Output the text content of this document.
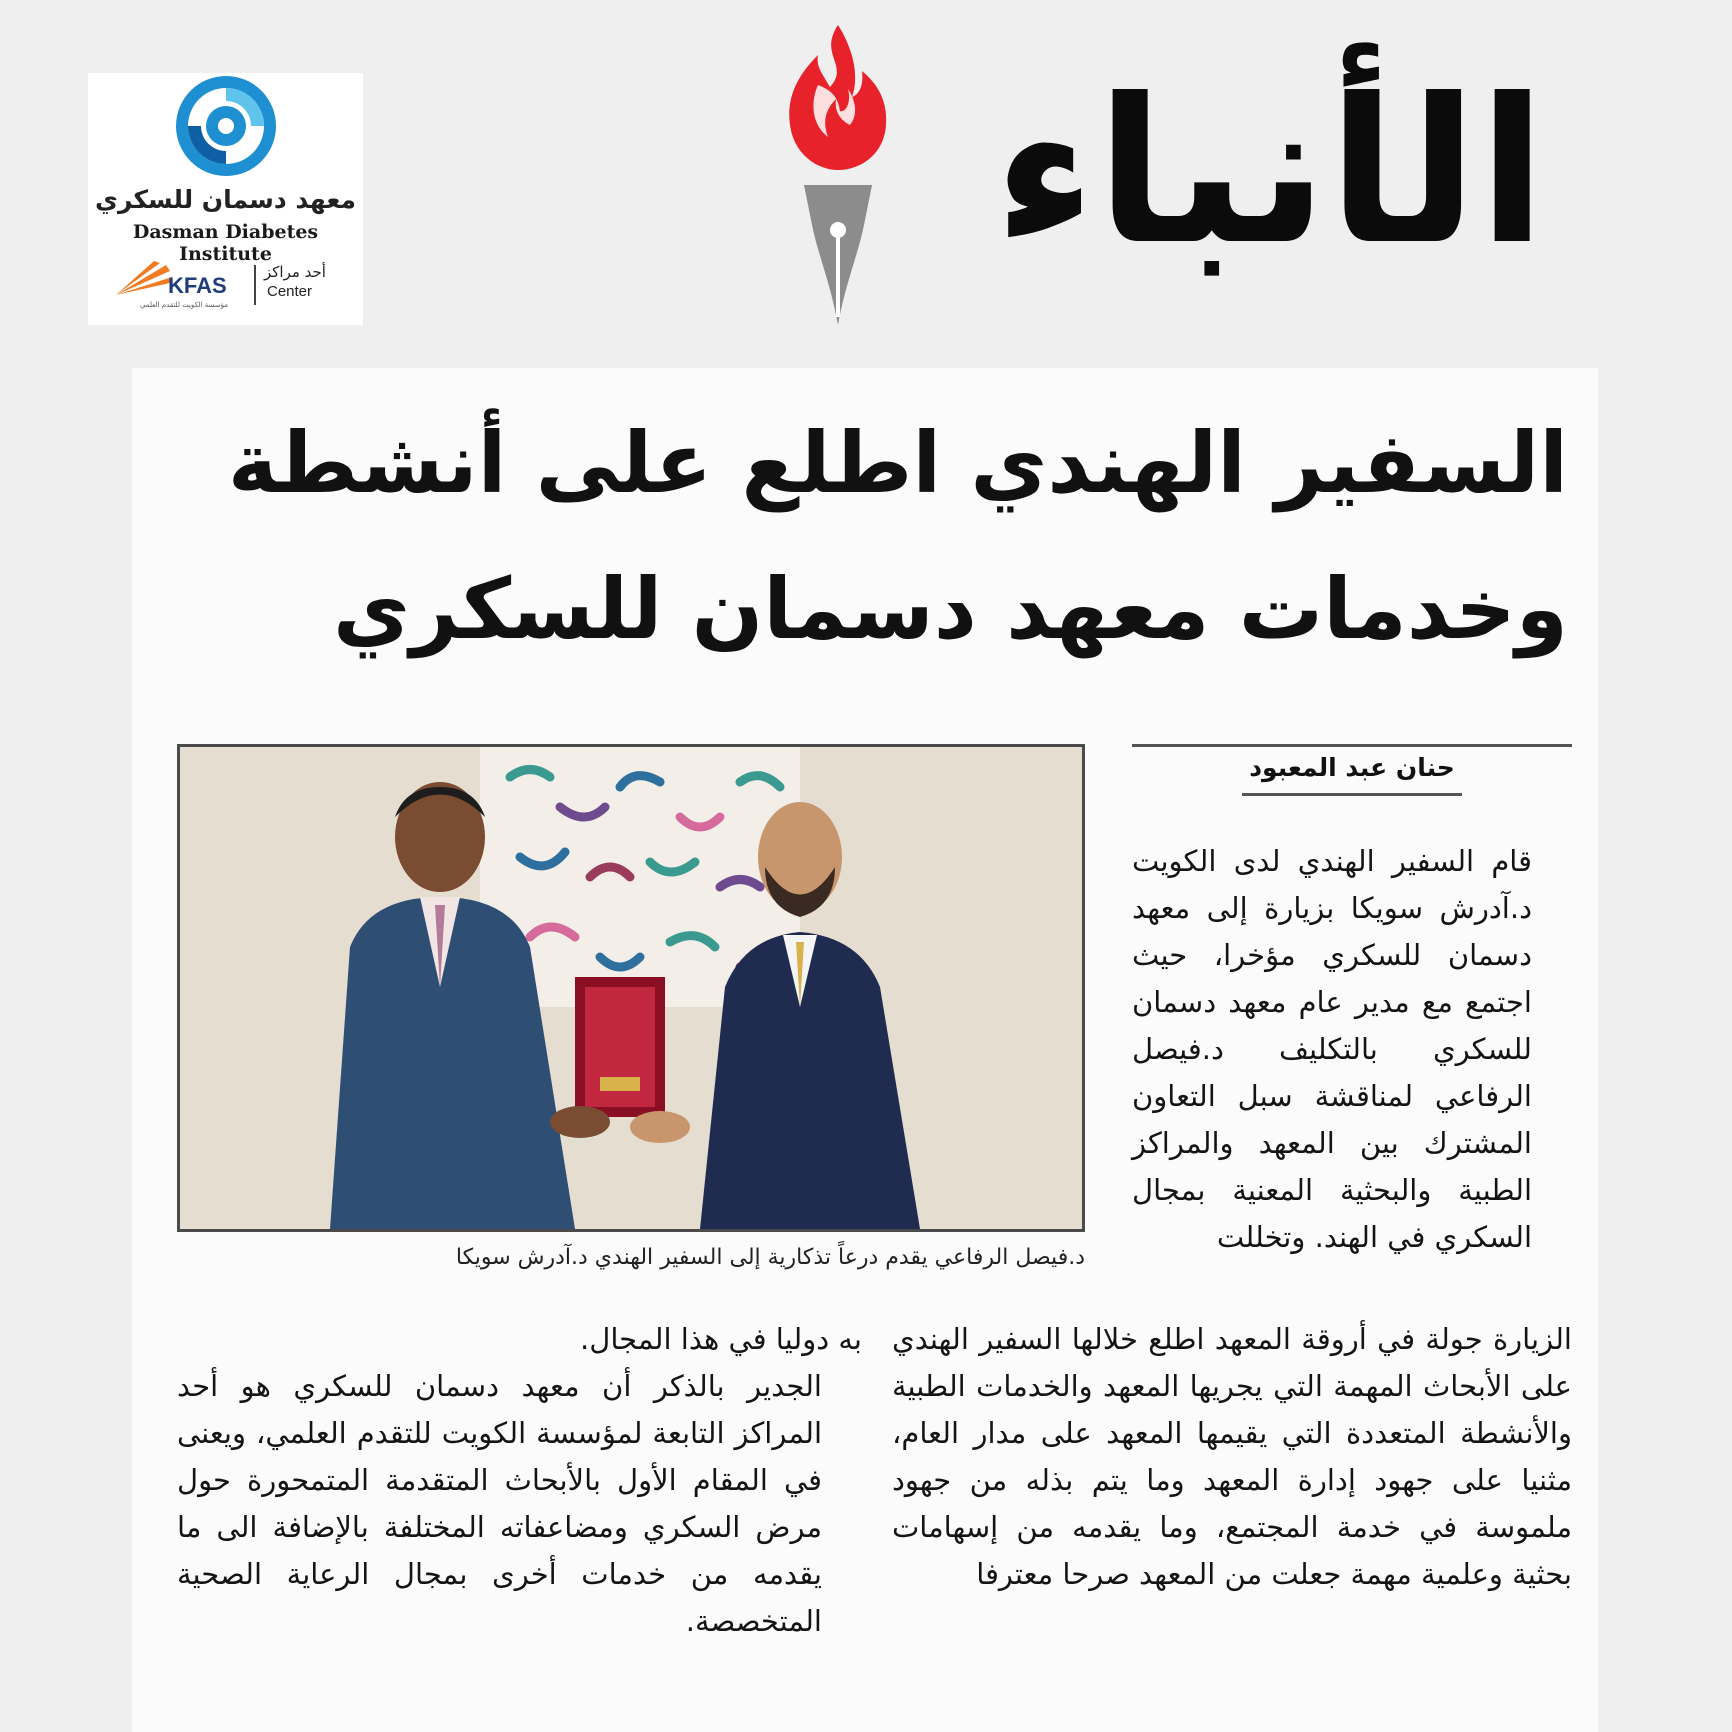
معهد دسمان للسكري
Dasman Diabetes Institute
KFAS
مؤسسة الكويت للتقدم العلمي
أحد مراكز
Center
الأنباء
السفير الهندي اطلع على أنشطة
وخدمات معهد دسمان للسكري
حنان عبد المعبود
د.فيصل الرفاعي يقدم درعاً تذكارية إلى السفير الهندي د.آدرش سويكا

قام السفير الهندي لدى الكويت د.آدرش سويكا بزيارة إلى معهد دسمان للسكري مؤخرا، حيث اجتمع مع مدير عام معهد دسمان للسكري بالتكليف د.فيصل الرفاعي لمناقشة سبل التعاون المشترك بين المعهد والمراكز الطبية والبحثية المعنية بمجال السكري في الهند. وتخللت

الزيارة جولة في أروقة المعهد اطلع خلالها السفير الهندي على الأبحاث المهمة التي يجريها المعهد والخدمات الطبية والأنشطة المتعددة التي يقيمها المعهد على مدار العام، مثنيا على جهود إدارة المعهد وما يتم بذله من جهود ملموسة في خدمة المجتمع، وما يقدمه من إسهامات بحثية وعلمية مهمة جعلت من المعهد صرحا معترفا

به دوليا في هذا المجال.

الجدير بالذكر أن معهد دسمان للسكري هو أحد المراكز التابعة لمؤسسة الكويت للتقدم العلمي، ويعنى في المقام الأول بالأبحاث المتقدمة المتمحورة حول مرض السكري ومضاعفاته المختلفة بالإضافة الى ما يقدمه من خدمات أخرى بمجال الرعاية الصحية المتخصصة.
